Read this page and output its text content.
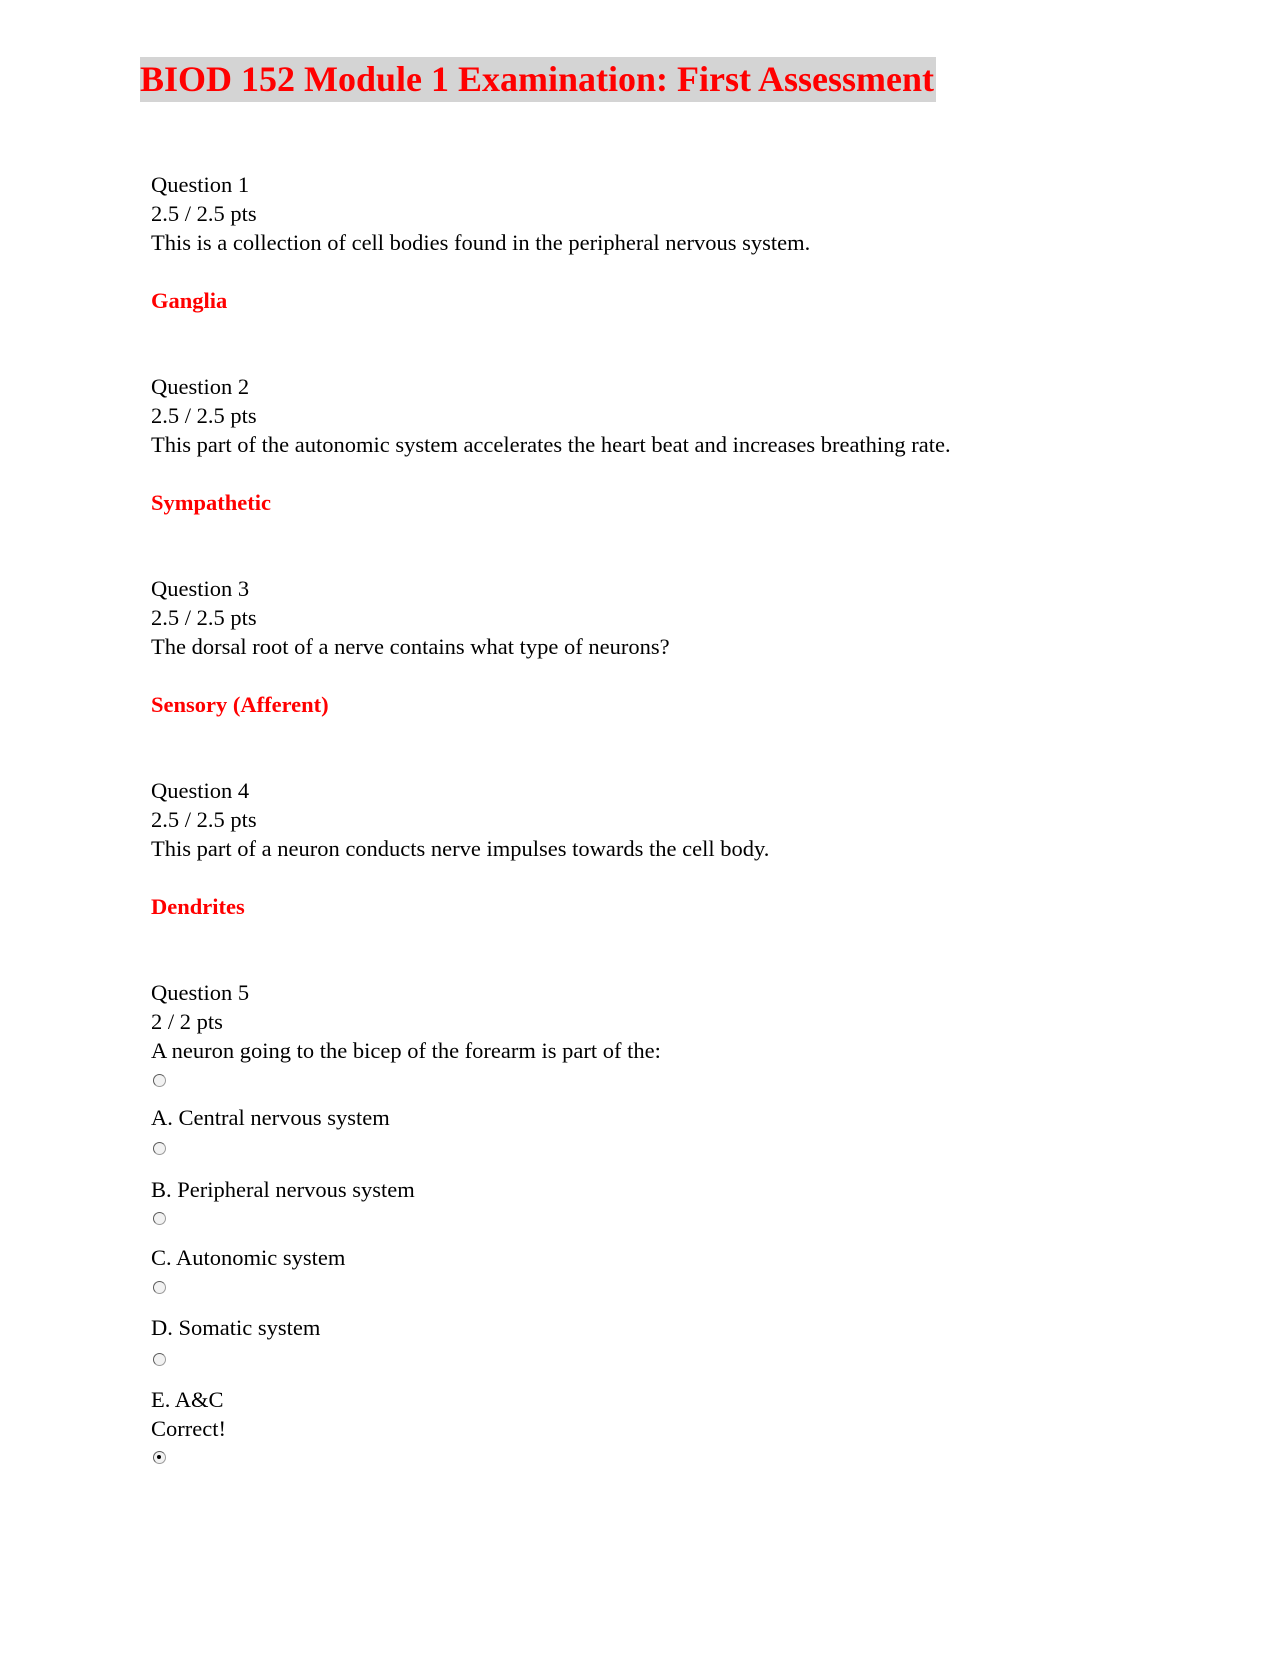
BIOD 152 Module 1 Examination: First Assessment
Question 1
2.5 / 2.5 pts
This is a collection of cell bodies found in the peripheral nervous system.
Ganglia
Question 2
2.5 / 2.5 pts
This part of the autonomic system accelerates the heart beat and increases breathing rate.
Sympathetic
Question 3
2.5 / 2.5 pts
The dorsal root of a nerve contains what type of neurons?
Sensory (Afferent)
Question 4
2.5 / 2.5 pts
This part of a neuron conducts nerve impulses towards the cell body.
Dendrites
Question 5
2 / 2 pts
A neuron going to the bicep of the forearm is part of the:
A. Central nervous system
B. Peripheral nervous system
C. Autonomic system
D. Somatic system
E. A&C
Correct!
